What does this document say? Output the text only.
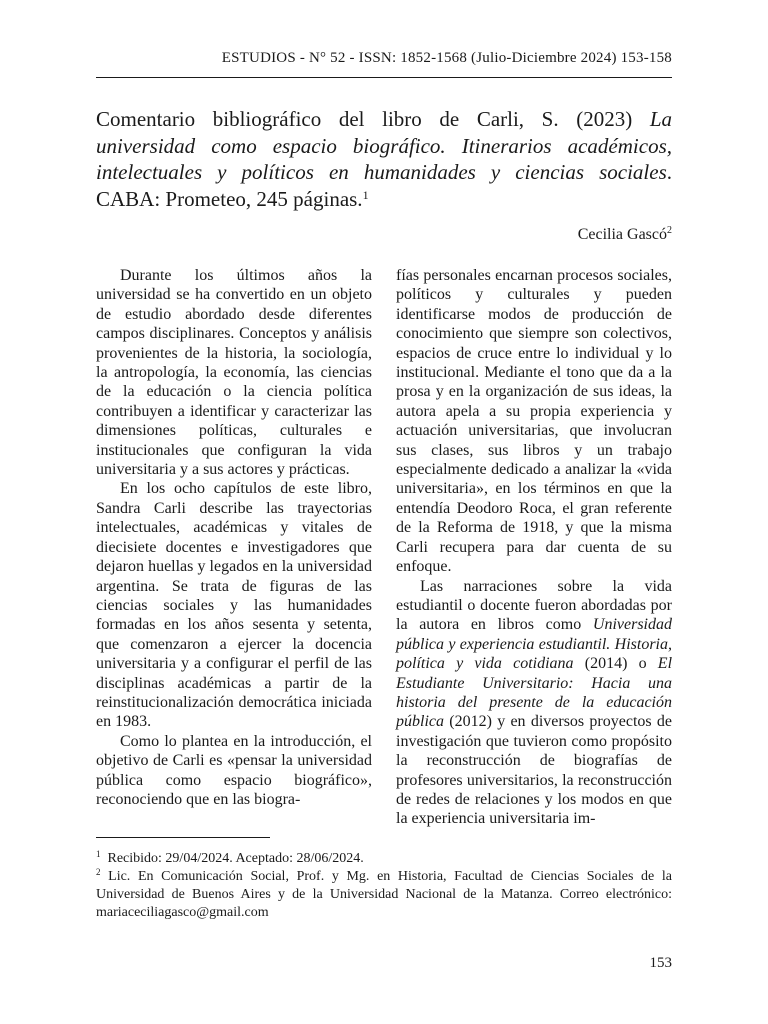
ESTUDIOS - N° 52 - ISSN: 1852-1568 (Julio-Diciembre 2024) 153-158
Comentario bibliográfico del libro de Carli, S. (2023) La universidad como espacio biográfico. Itinerarios académicos, intelectuales y políticos en humanidades y ciencias sociales. CABA: Prometeo, 245 páginas.$^1$
Cecilia Gascó$^2$

Durante los últimos años la universidad se ha convertido en un objeto de estudio abordado desde diferentes campos disciplinares. Conceptos y análisis provenientes de la historia, la sociología, la antropología, la economía, las ciencias de la educación o la ciencia política contribuyen a identificar y caracterizar las dimensiones políticas, culturales e institucionales que configuran la vida universitaria y a sus actores y prácticas.

En los ocho capítulos de este libro, Sandra Carli describe las trayectorias intelectuales, académicas y vitales de diecisiete docentes e investigadores que dejaron huellas y legados en la universidad argentina. Se trata de figuras de las ciencias sociales y las humanidades formadas en los años sesenta y setenta, que comenzaron a ejercer la docencia universitaria y a configurar el perfil de las disciplinas académicas a partir de la reinstitucionalización democrática iniciada en 1983.

Como lo plantea en la introducción, el objetivo de Carli es «pensar la universidad pública como espacio biográfico», reconociendo que en las biogra-

fías personales encarnan procesos sociales, políticos y culturales y pueden identificarse modos de producción de conocimiento que siempre son colectivos, espacios de cruce entre lo individual y lo institucional. Mediante el tono que da a la prosa y en la organización de sus ideas, la autora apela a su propia experiencia y actuación universitarias, que involucran sus clases, sus libros y un trabajo especialmente dedicado a analizar la «vida universitaria», en los términos en que la entendía Deodoro Roca, el gran referente de la Reforma de 1918, y que la misma Carli recupera para dar cuenta de su enfoque.

Las narraciones sobre la vida estudiantil o docente fueron abordadas por la autora en libros como Universidad pública y experiencia estudiantil. Historia, política y vida cotidiana (2014) o El Estudiante Universitario: Hacia una historia del presente de la educación pública (2012) y en diversos proyectos de investigación que tuvieron como propósito la reconstrucción de biografías de profesores universitarios, la reconstrucción de redes de relaciones y los modos en que la experiencia universitaria im-

$^1$ Recibido: 29/04/2024. Aceptado: 28/06/2024.

$^2$ Lic. En Comunicación Social, Prof. y Mg. en Historia, Facultad de Ciencias Sociales de la Universidad de Buenos Aires y de la Universidad Nacional de la Matanza. Correo electrónico: mariaceciliagasco@gmail.com

153
